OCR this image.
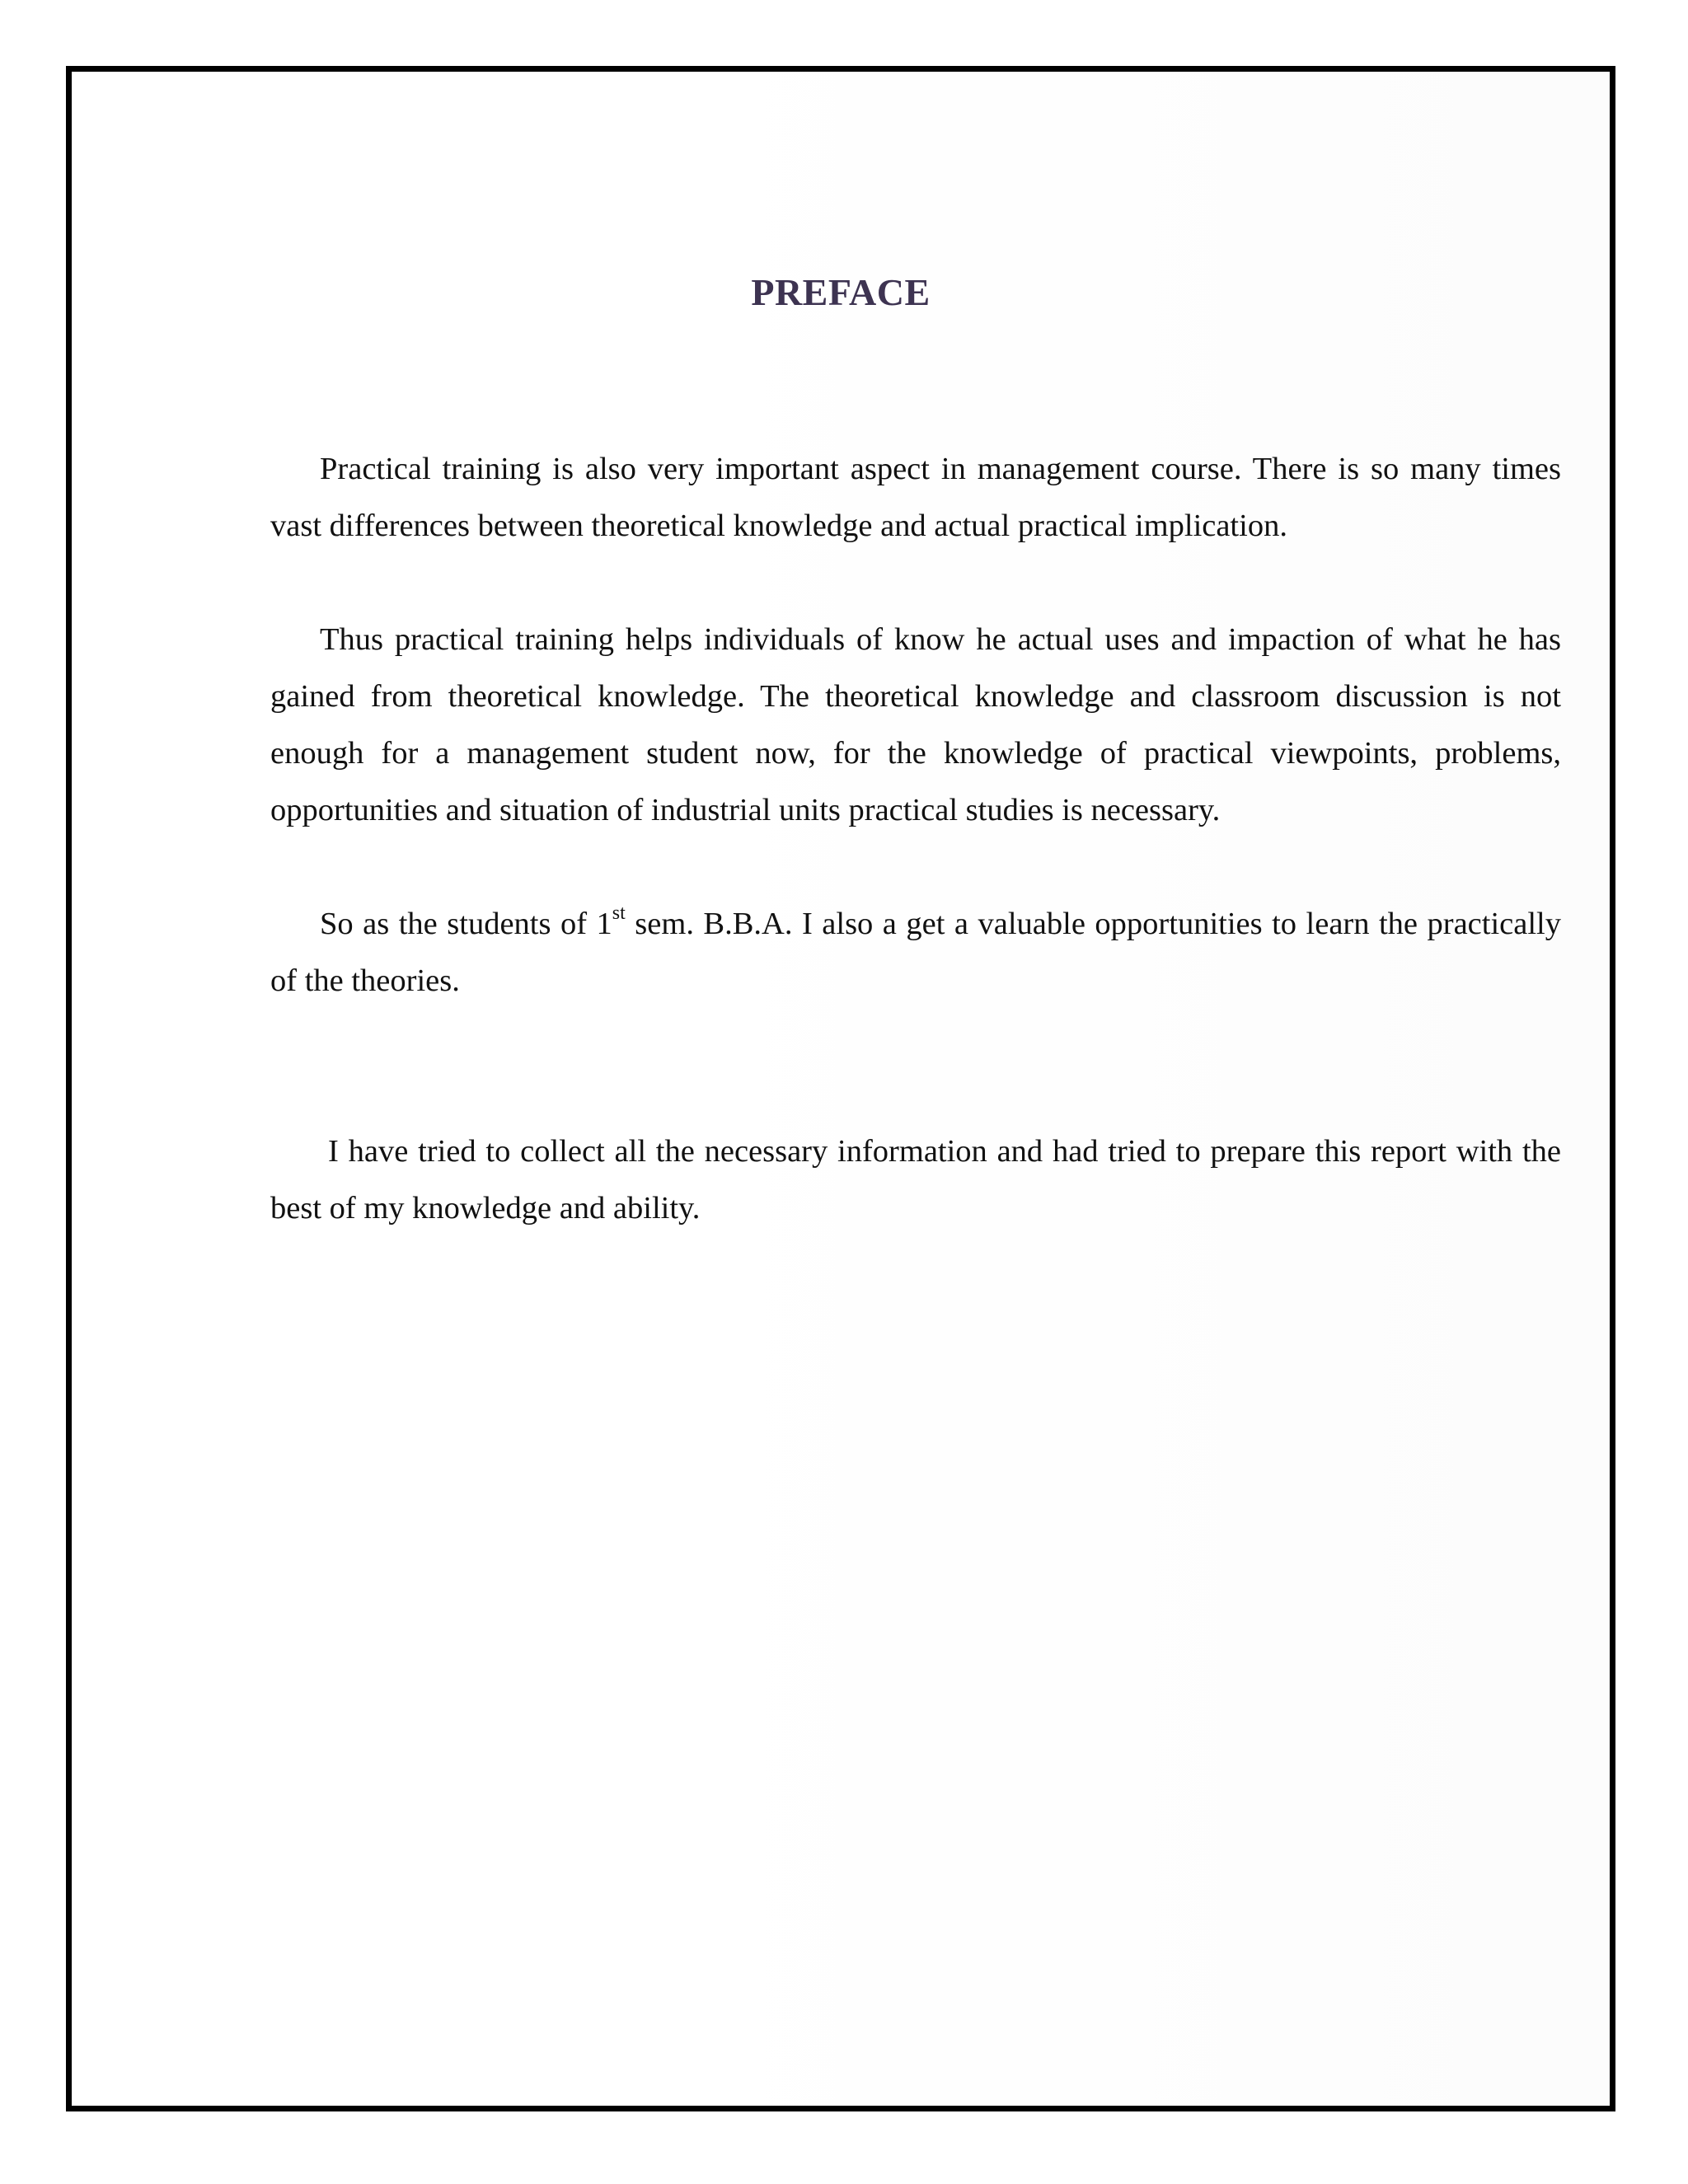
PREFACE

Practical training is also very important aspect in management course. There is so many times vast differences between theoretical knowledge and actual practical implication.

Thus practical training helps individuals of know he actual uses and impaction of what he has gained from theoretical knowledge. The theoretical knowledge and classroom discussion is not enough for a management student now, for the knowledge of practical viewpoints, problems, opportunities and situation of industrial units practical studies is necessary.

So as the students of 1st sem. B.B.A. I also a get a valuable opportunities to learn the practically of the theories.

I have tried to collect all the necessary information and had tried to prepare this report with the best of my knowledge and ability.
